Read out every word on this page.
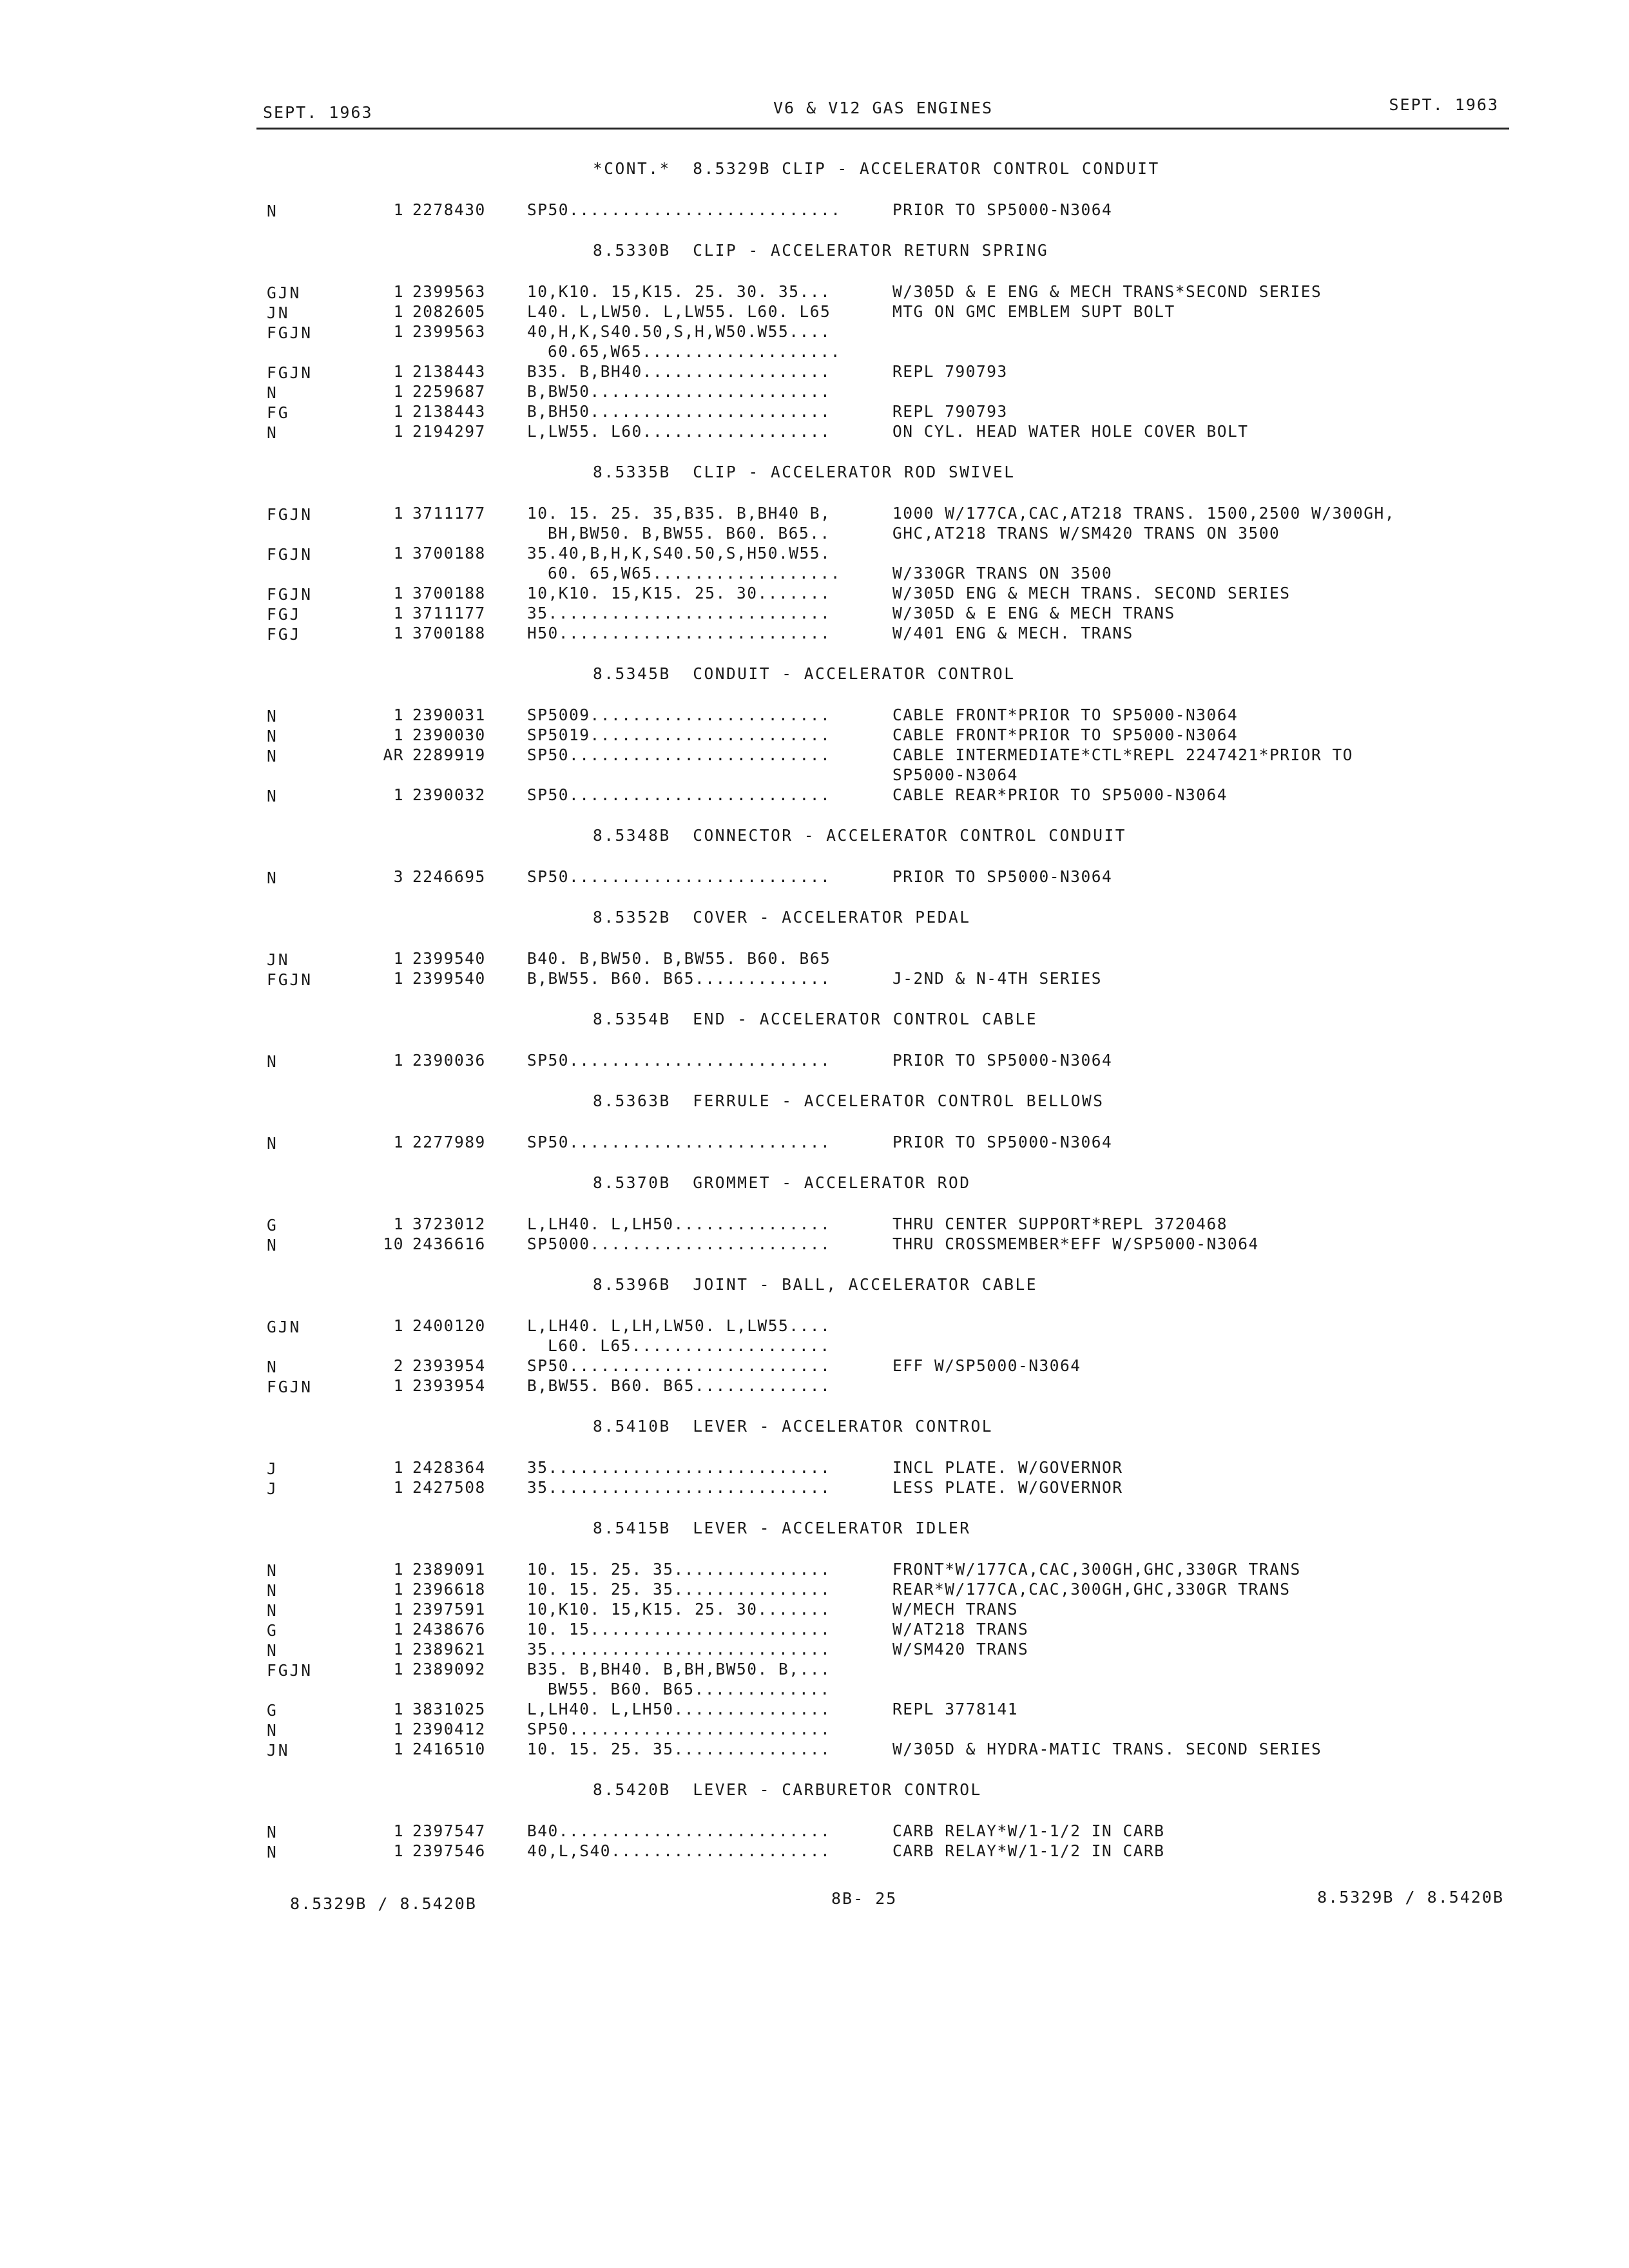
SEPT. 1963	V6 & V12 GAS ENGINES	SEPT. 1963
*CONT.*  8.5329B CLIP - ACCELERATOR CONTROL CONDUIT
N	1 2278430	SP50..........................	PRIOR TO SP5000-N3064
8.5330B  CLIP - ACCELERATOR RETURN SPRING
GJN	1 2399563	10,K10. 15,K15. 25. 30. 35...	W/305D & E ENG & MECH TRANS*SECOND SERIES
JN	1 2082605	L40. L,LW50. L,LW55. L60. L65	MTG ON GMC EMBLEM SUPT BOLT
FGJN	1 2399563	40,H,K,S40.50,S,H,W50.W55....
60.65,W65...................
FGJN	1 2138443	B35. B,BH40..................	REPL 790793
N	1 2259687	B,BW50.......................
FG	1 2138443	B,BH50.......................	REPL 790793
N	1 2194297	L,LW55. L60..................	ON CYL. HEAD WATER HOLE COVER BOLT
8.5335B  CLIP - ACCELERATOR ROD SWIVEL
FGJN	1 3711177	10. 15. 25. 35,B35. B,BH40 B,	1000 W/177CA,CAC,AT218 TRANS. 1500,2500 W/300GH,
BH,BW50. B,BW55. B60. B65..	GHC,AT218 TRANS W/SM420 TRANS ON 3500
FGJN	1 3700188	35.40,B,H,K,S40.50,S,H50.W55.
60. 65,W65..................	W/330GR TRANS ON 3500
FGJN	1 3700188	10,K10. 15,K15. 25. 30.......	W/305D ENG & MECH TRANS. SECOND SERIES
FGJ	1 3711177	35...........................	W/305D & E ENG & MECH TRANS
FGJ	1 3700188	H50..........................	W/401 ENG & MECH. TRANS
8.5345B  CONDUIT - ACCELERATOR CONTROL
N	1 2390031	SP5009.......................	CABLE FRONT*PRIOR TO SP5000-N3064
N	1 2390030	SP5019.......................	CABLE FRONT*PRIOR TO SP5000-N3064
N	AR 2289919	SP50.........................	CABLE INTERMEDIATE*CTL*REPL 2247421*PRIOR TO
SP5000-N3064
N	1 2390032	SP50.........................	CABLE REAR*PRIOR TO SP5000-N3064
8.5348B  CONNECTOR - ACCELERATOR CONTROL CONDUIT
N	3 2246695	SP50.........................	PRIOR TO SP5000-N3064
8.5352B  COVER - ACCELERATOR PEDAL
JN	1 2399540	B40. B,BW50. B,BW55. B60. B65
FGJN	1 2399540	B,BW55. B60. B65.............	J-2ND & N-4TH SERIES
8.5354B  END - ACCELERATOR CONTROL CABLE
N	1 2390036	SP50.........................	PRIOR TO SP5000-N3064
8.5363B  FERRULE - ACCELERATOR CONTROL BELLOWS
N	1 2277989	SP50.........................	PRIOR TO SP5000-N3064
8.5370B  GROMMET - ACCELERATOR ROD
G	1 3723012	L,LH40. L,LH50...............	THRU CENTER SUPPORT*REPL 3720468
N	10 2436616	SP5000.......................	THRU CROSSMEMBER*EFF W/SP5000-N3064
8.5396B  JOINT - BALL, ACCELERATOR CABLE
GJN	1 2400120	L,LH40. L,LH,LW50. L,LW55....
L60. L65...................
N	2 2393954	SP50.........................	EFF W/SP5000-N3064
FGJN	1 2393954	B,BW55. B60. B65.............
8.5410B  LEVER - ACCELERATOR CONTROL
J	1 2428364	35...........................	INCL PLATE. W/GOVERNOR
J	1 2427508	35...........................	LESS PLATE. W/GOVERNOR
8.5415B  LEVER - ACCELERATOR IDLER
N	1 2389091	10. 15. 25. 35...............	FRONT*W/177CA,CAC,300GH,GHC,330GR TRANS
N	1 2396618	10. 15. 25. 35...............	REAR*W/177CA,CAC,300GH,GHC,330GR TRANS
N	1 2397591	10,K10. 15,K15. 25. 30.......	W/MECH TRANS
G	1 2438676	10. 15.......................	W/AT218 TRANS
N	1 2389621	35...........................	W/SM420 TRANS
FGJN	1 2389092	B35. B,BH40. B,BH,BW50. B,...
BW55. B60. B65.............
G	1 3831025	L,LH40. L,LH50...............	REPL 3778141
N	1 2390412	SP50.........................
JN	1 2416510	10. 15. 25. 35...............	W/305D & HYDRA-MATIC TRANS. SECOND SERIES
8.5420B  LEVER - CARBURETOR CONTROL
N	1 2397547	B40..........................	CARB RELAY*W/1-1/2 IN CARB
N	1 2397546	40,L,S40.....................	CARB RELAY*W/1-1/2 IN CARB
8.5329B / 8.5420B	8B- 25	8.5329B / 8.5420B
